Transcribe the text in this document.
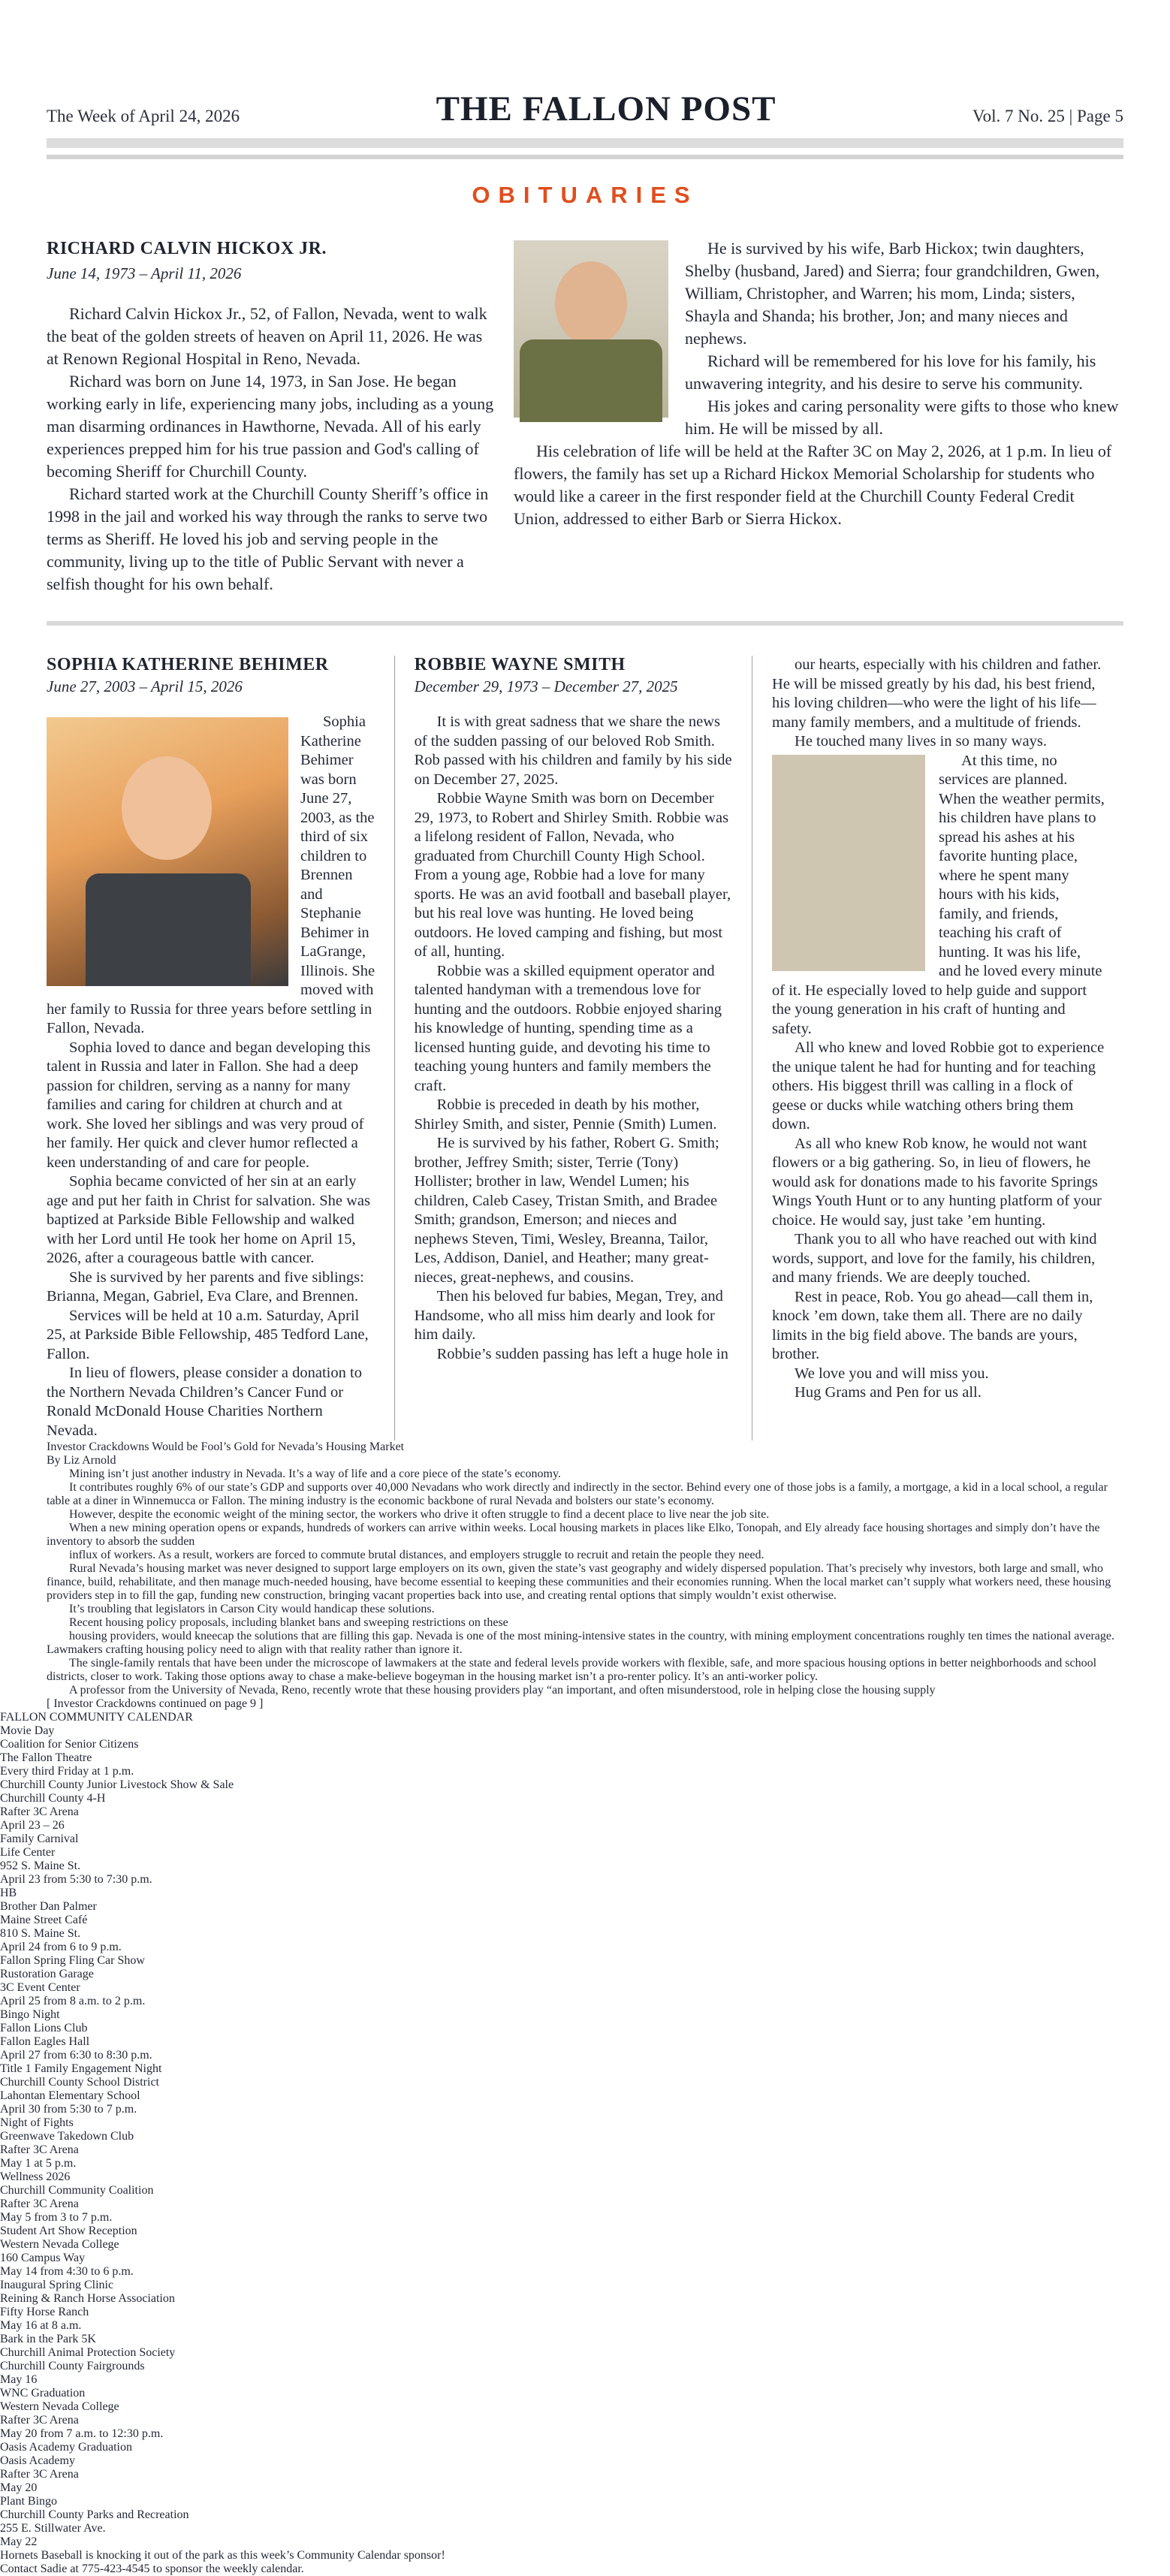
The Week of April 24, 2026	THE FALLON POST	Vol. 7 No. 25 | Page 5
OBITUARIES
RICHARD CALVIN HICKOX JR.
June 14, 1973 – April 11, 2026

Richard Calvin Hickox Jr., 52, of Fallon, Nevada, went to walk the beat of the golden streets of heaven on April 11, 2026. He was at Renown Regional Hospital in Reno, Nevada.

Richard was born on June 14, 1973, in San Jose. He began working early in life, experiencing many jobs, including as a young man disarming ordinances in Hawthorne, Nevada. All of his early experiences prepped him for his true passion and God's calling of becoming Sheriff for Churchill County.

Richard started work at the Churchill County Sheriff’s office in 1998 in the jail and worked his way through the ranks to serve two terms as Sheriff. He loved his job and serving people in the community, living up to the title of Public Servant with never a selfish thought for his own behalf.

He is survived by his wife, Barb Hickox; twin daughters, Shelby (husband, Jared) and Sierra; four grandchildren, Gwen, William, Christopher, and Warren; his mom, Linda; sisters, Shayla and Shanda; his brother, Jon; and many nieces and nephews.

Richard will be remembered for his love for his family, his unwavering integrity, and his desire to serve his community.

His jokes and caring personality were gifts to those who knew him. He will be missed by all.

His celebration of life will be held at the Rafter 3C on May 2, 2026, at 1 p.m. In lieu of flowers, the family has set up a Richard Hickox Memorial Scholarship for students who would like a career in the first responder field at the Churchill County Federal Credit Union, addressed to either Barb or Sierra Hickox.

SOPHIA KATHERINE BEHIMER
June 27, 2003 – April 15, 2026

Sophia Katherine Behimer was born June 27, 2003, as the third of six children to Brennen and Stephanie Behimer in LaGrange, Illinois. She moved with her family to Russia for three years before settling in Fallon, Nevada.

Sophia loved to dance and began developing this talent in Russia and later in Fallon. She had a deep passion for children, serving as a nanny for many families and caring for children at church and at work. She loved her siblings and was very proud of her family. Her quick and clever humor reflected a keen understanding of and care for people.

Sophia became convicted of her sin at an early age and put her faith in Christ for salvation. She was baptized at Parkside Bible Fellowship and walked with her Lord until He took her home on April 15, 2026, after a courageous battle with cancer.

She is survived by her parents and five siblings: Brianna, Megan, Gabriel, Eva Clare, and Brennen.

Services will be held at 10 a.m. Saturday, April 25, at Parkside Bible Fellowship, 485 Tedford Lane, Fallon.

In lieu of flowers, please consider a donation to the Northern Nevada Children’s Cancer Fund or Ronald McDonald House Charities Northern Nevada.

ROBBIE WAYNE SMITH
December 29, 1973 – December 27, 2025

It is with great sadness that we share the news of the sudden passing of our beloved Rob Smith. Rob passed with his children and family by his side on December 27, 2025.

Robbie Wayne Smith was born on December 29, 1973, to Robert and Shirley Smith. Robbie was a lifelong resident of Fallon, Nevada, who graduated from Churchill County High School. From a young age, Robbie had a love for many sports. He was an avid football and baseball player, but his real love was hunting. He loved being outdoors. He loved camping and fishing, but most of all, hunting.

Robbie was a skilled equipment operator and talented handyman with a tremendous love for hunting and the outdoors. Robbie enjoyed sharing his knowledge of hunting, spending time as a licensed hunting guide, and devoting his time to teaching young hunters and family members the craft.

Robbie is preceded in death by his mother, Shirley Smith, and sister, Pennie (Smith) Lumen.

He is survived by his father, Robert G. Smith; brother, Jeffrey Smith; sister, Terrie (Tony) Hollister; brother in law, Wendel Lumen; his children, Caleb Casey, Tristan Smith, and Bradee Smith; grandson, Emerson; and nieces and nephews Steven, Timi, Wesley, Breanna, Tailor, Les, Addison, Daniel, and Heather; many great-nieces, great-nephews, and cousins.

Then his beloved fur babies, Megan, Trey, and Handsome, who all miss him dearly and look for him daily.

Robbie’s sudden passing has left a huge hole in

our hearts, especially with his children and father. He will be missed greatly by his dad, his best friend, his loving children—who were the light of his life—many family members, and a multitude of friends.

He touched many lives in so many ways.

At this time, no services are planned. When the weather permits, his children have plans to spread his ashes at his favorite hunting place, where he spent many hours with his kids, family, and friends, teaching his craft of hunting. It was his life, and he loved every minute of it. He especially loved to help guide and support the young generation in his craft of hunting and safety.

All who knew and loved Robbie got to experience the unique talent he had for hunting and for teaching others. His biggest thrill was calling in a flock of geese or ducks while watching others bring them down.

As all who knew Rob know, he would not want flowers or a big gathering. So, in lieu of flowers, he would ask for donations made to his favorite Springs Wings Youth Hunt or to any hunting platform of your choice. He would say, just take ’em hunting.

Thank you to all who have reached out with kind words, support, and love for the family, his children, and many friends. We are deeply touched.

Rest in peace, Rob. You go ahead—call them in, knock ’em down, take them all. There are no daily limits in the big field above. The bands are yours, brother.

We love you and will miss you.

Hug Grams and Pen for us all.

Investor Crackdowns Would be Fool’s Gold for Nevada’s Housing Market
By Liz Arnold

Mining isn’t just another industry in Nevada. It’s a way of life and a core piece of the state’s economy.

It contributes roughly 6% of our state’s GDP and supports over 40,000 Nevadans who work directly and indirectly in the sector. Behind every one of those jobs is a family, a mortgage, a kid in a local school, a regular table at a diner in Winnemucca or Fallon. The mining industry is the economic backbone of rural Nevada and bolsters our state’s economy.

However, despite the economic weight of the mining sector, the workers who drive it often struggle to find a decent place to live near the job site.

When a new mining operation opens or expands, hundreds of workers can arrive within weeks. Local housing markets in places like Elko, Tonopah, and Ely already face housing shortages and simply don’t have the inventory to absorb the sudden

influx of workers. As a result, workers are forced to commute brutal distances, and employers struggle to recruit and retain the people they need.

Rural Nevada’s housing market was never designed to support large employers on its own, given the state’s vast geography and widely dispersed population. That’s precisely why investors, both large and small, who finance, build, rehabilitate, and then manage much-needed housing, have become essential to keeping these communities and their economies running. When the local market can’t supply what workers need, these housing providers step in to fill the gap, funding new construction, bringing vacant properties back into use, and creating rental options that simply wouldn’t exist otherwise.

It’s troubling that legislators in Carson City would handicap these solutions.

Recent housing policy proposals, including blanket bans and sweeping restrictions on these

housing providers, would kneecap the solutions that are filling this gap. Nevada is one of the most mining-intensive states in the country, with mining employment concentrations roughly ten times the national average. Lawmakers crafting housing policy need to align with that reality rather than ignore it.

The single-family rentals that have been under the microscope of lawmakers at the state and federal levels provide workers with flexible, safe, and more spacious housing options in better neighborhoods and school districts, closer to work. Taking those options away to chase a make-believe bogeyman in the housing market isn’t a pro-renter policy. It’s an anti-worker policy.

A professor from the University of Nevada, Reno, recently wrote that these housing providers play “an important, and often misunderstood, role in helping close the housing supply

[ Investor Crackdowns continued on page 9 ]
FALLON COMMUNITY CALENDAR
Movie Day
Coalition for Senior Citizens
The Fallon Theatre
Every third Friday at 1 p.m.
Churchill County Junior Livestock Show & Sale
Churchill County 4-H
Rafter 3C Arena
April 23 – 26
Family Carnival
Life Center
952 S. Maine St.
April 23 from 5:30 to 7:30 p.m.
HB
Brother Dan Palmer
Maine Street Café
810 S. Maine St.
April 24 from 6 to 9 p.m.
Fallon Spring Fling Car Show
Rustoration Garage
3C Event Center
April 25 from 8 a.m. to 2 p.m.
Bingo Night
Fallon Lions Club
Fallon Eagles Hall
April 27 from 6:30 to 8:30 p.m.
Title 1 Family Engagement Night
Churchill County School District
Lahontan Elementary School
April 30 from 5:30 to 7 p.m.
Night of Fights
Greenwave Takedown Club
Rafter 3C Arena
May 1 at 5 p.m.
Wellness 2026
Churchill Community Coalition
Rafter 3C Arena
May 5 from 3 to 7 p.m.
Student Art Show Reception
Western Nevada College
160 Campus Way
May 14 from 4:30 to 6 p.m.
Inaugural Spring Clinic
Reining & Ranch Horse Association
Fifty Horse Ranch
May 16 at 8 a.m.
Bark in the Park 5K
Churchill Animal Protection Society
Churchill County Fairgrounds
May 16
WNC Graduation
Western Nevada College
Rafter 3C Arena
May 20 from 7 a.m. to 12:30 p.m.
Oasis Academy Graduation
Oasis Academy
Rafter 3C Arena
May 20
Plant Bingo
Churchill County Parks and Recreation
255 E. Stillwater Ave.
May 22
Hornets Baseball is knocking it out of the park as this week’s Community Calendar sponsor!
Contact Sadie at 775-423-4545 to sponsor the weekly calendar.
